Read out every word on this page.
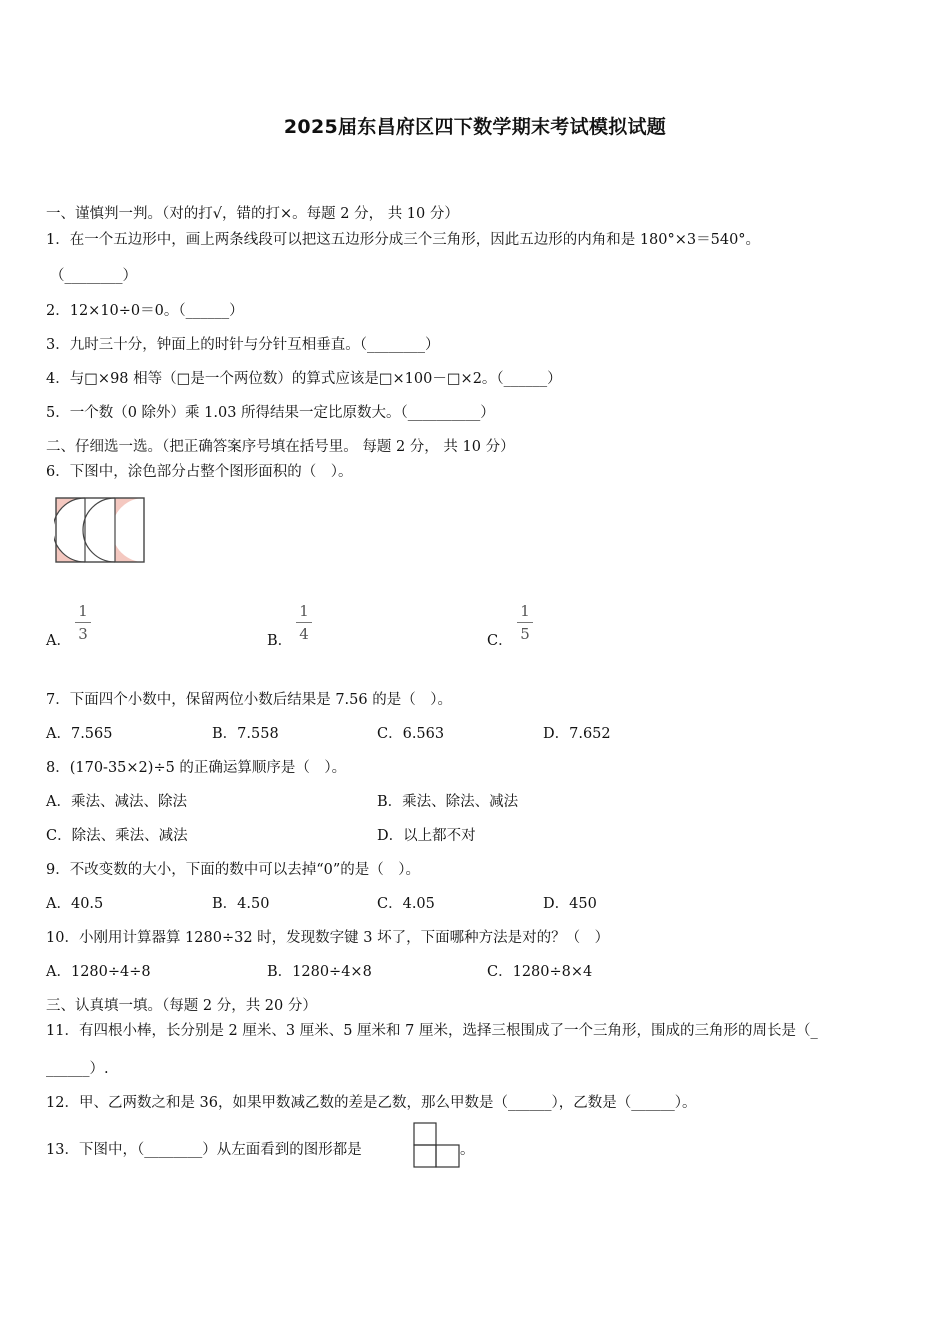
2025届东昌府区四下数学期末考试模拟试题
一、谨慎判一判。（对的打√，错的打×。每题 2 分， 共 10 分）
1．在一个五边形中，画上两条线段可以把这五边形分成三个三角形，因此五边形的内角和是 180°×3＝540°。
（________）
2．12×10÷0＝0。（______）
3．九时三十分，钟面上的时针与分针互相垂直。（________）
4．与□×98 相等（□是一个两位数）的算式应该是□×100－□×2。（______）
5．一个数（0 除外）乘 1.03 所得结果一定比原数大。（__________）
二、仔细选一选。（把正确答案序号填在括号里。 每题 2 分， 共 10 分）
6．下图中，涂色部分占整个图形面积的（　）。
A．
1
3	B．
1
4	C．
1
5
7．下面四个小数中，保留两位小数后结果是 7.56 的是（　）。
A．7.565	B．7.558	C．6.563	D．7.652
8．(170-35×2)÷5 的正确运算顺序是（　）。
A．乘法、减法、除法	B．乘法、除法、减法
C．除法、乘法、减法	D．以上都不对
9．不改变数的大小，下面的数中可以去掉“0”的是（　）。
A．40.5	B．4.50	C．4.05	D．450
10．小刚用计算器算 1280÷32 时，发现数字键 3 坏了，下面哪种方法是对的？（　）
A．1280÷4÷8	B．1280÷4×8	C．1280÷8×4
三、认真填一填。（每题 2 分，共 20 分）
11．有四根小棒，长分别是 2 厘米、3 厘米、5 厘米和 7 厘米，选择三根围成了一个三角形，围成的三角形的周长是（_
______）.
12．甲、乙两数之和是 36，如果甲数减乙数的差是乙数，那么甲数是（______），乙数是（______）。
13．下图中，（________）从左面看到的图形都是	。
